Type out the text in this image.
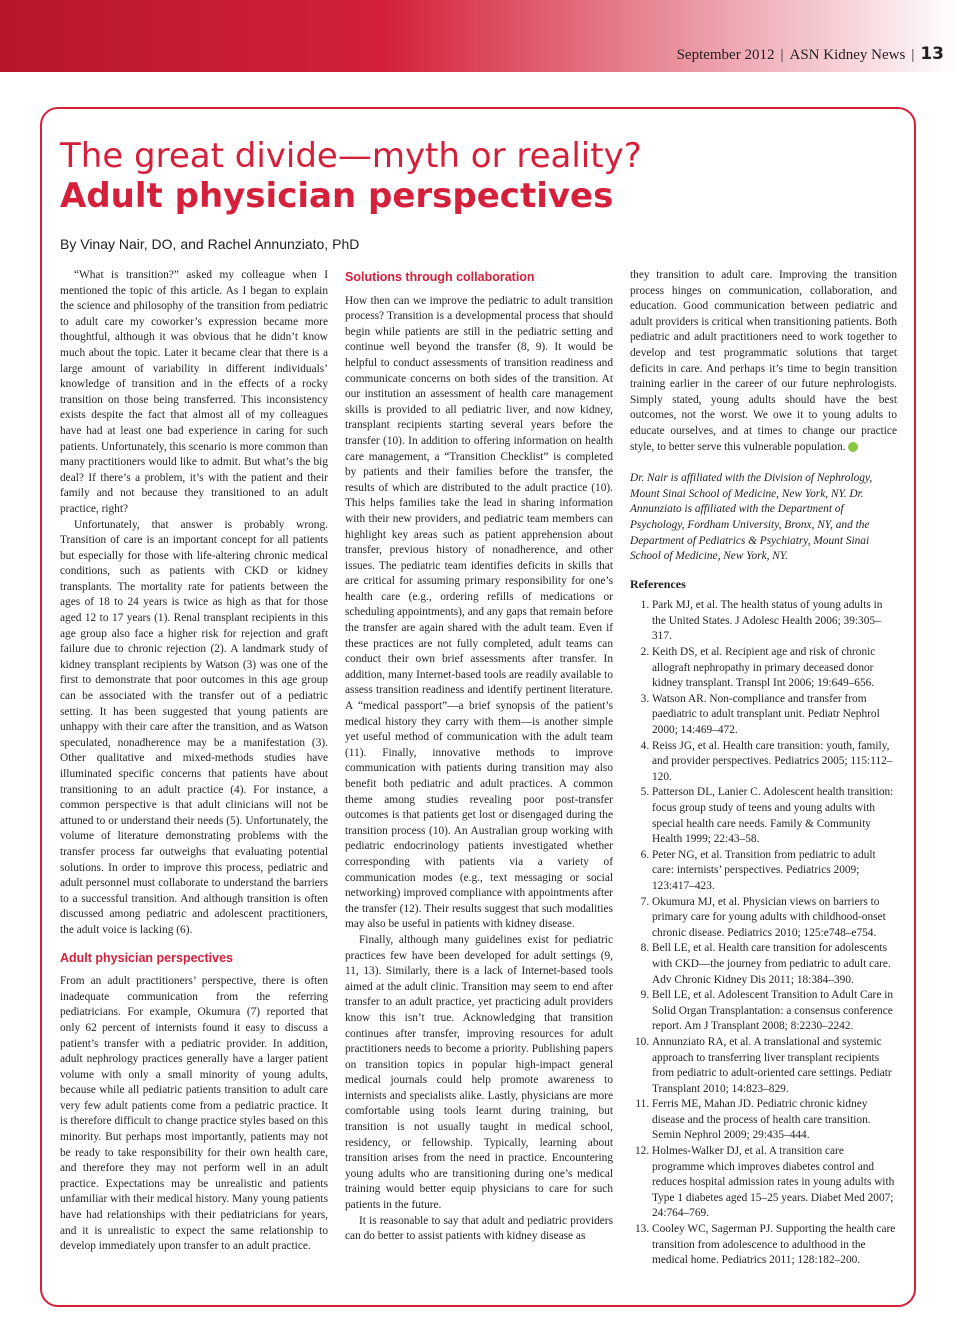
September 2012 | ASN Kidney News | 13
The great divide—myth or reality?
Adult physician perspectives
By Vinay Nair, DO, and Rachel Annunziato, PhD

“What is transition?” asked my colleague when I mentioned the topic of this article. As I began to explain the science and philosophy of the transition from pediatric to adult care my coworker’s expression became more thoughtful, although it was obvious that he didn’t know much about the topic. Later it became clear that there is a large amount of variability in different individuals’ knowledge of transition and in the effects of a rocky transition on those being transferred. This inconsistency exists despite the fact that almost all of my colleagues have had at least one bad experience in caring for such patients. Unfortunately, this scenario is more common than many practitioners would like to admit. But what’s the big deal? If there’s a problem, it’s with the patient and their family and not because they transitioned to an adult practice, right?

Unfortunately, that answer is probably wrong. Transition of care is an important concept for all patients but especially for those with life-altering chronic medical conditions, such as patients with CKD or kidney transplants. The mortality rate for patients between the ages of 18 to 24 years is twice as high as that for those aged 12 to 17 years (1). Renal transplant recipients in this age group also face a higher risk for rejection and graft failure due to chronic rejection (2). A landmark study of kidney transplant recipients by Watson (3) was one of the first to demonstrate that poor outcomes in this age group can be associated with the transfer out of a pediatric setting. It has been suggested that young patients are unhappy with their care after the transition, and as Watson speculated, nonadherence may be a manifestation (3). Other qualitative and mixed-methods studies have illuminated specific concerns that patients have about transitioning to an adult practice (4). For instance, a common perspective is that adult clinicians will not be attuned to or understand their needs (5). Unfortunately, the volume of literature demonstrating problems with the transfer process far outweighs that evaluating potential solutions. In order to improve this process, pediatric and adult personnel must collaborate to understand the barriers to a successful transition. And although transition is often discussed among pediatric and adolescent practitioners, the adult voice is lacking (6).

Adult physician perspectives

From an adult practitioners’ perspective, there is often inadequate communication from the referring pediatricians. For example, Okumura (7) reported that only 62 percent of internists found it easy to discuss a patient’s transfer with a pediatric provider. In addition, adult nephrology practices generally have a larger patient volume with only a small minority of young adults, because while all pediatric patients transition to adult care very few adult patients come from a pediatric practice. It is therefore difficult to change practice styles based on this minority. But perhaps most importantly, patients may not be ready to take responsibility for their own health care, and therefore they may not perform well in an adult practice. Expectations may be unrealistic and patients unfamiliar with their medical history. Many young patients have had relationships with their pediatricians for years, and it is unrealistic to expect the same relationship to develop immediately upon transfer to an adult practice.

Solutions through collaboration

How then can we improve the pediatric to adult transition process? Transition is a developmental process that should begin while patients are still in the pediatric setting and continue well beyond the transfer (8, 9). It would be helpful to conduct assessments of transition readiness and communicate concerns on both sides of the transition. At our institution an assessment of health care management skills is provided to all pediatric liver, and now kidney, transplant recipients starting several years before the transfer (10). In addition to offering information on health care management, a “Transition Checklist” is completed by patients and their families before the transfer, the results of which are distributed to the adult practice (10). This helps families take the lead in sharing information with their new providers, and pediatric team members can highlight key areas such as patient apprehension about transfer, previous history of nonadherence, and other issues. The pediatric team identifies deficits in skills that are critical for assuming primary responsibility for one’s health care (e.g., ordering refills of medications or scheduling appointments), and any gaps that remain before the transfer are again shared with the adult team. Even if these practices are not fully completed, adult teams can conduct their own brief assessments after transfer. In addition, many Internet-based tools are readily available to assess transition readiness and identify pertinent literature. A “medical passport”—a brief synopsis of the patient’s medical history they carry with them—is another simple yet useful method of communication with the adult team (11). Finally, innovative methods to improve communication with patients during transition may also benefit both pediatric and adult practices. A common theme among studies revealing poor post-transfer outcomes is that patients get lost or disengaged during the transition process (10). An Australian group working with pediatric endocrinology patients investigated whether corresponding with patients via a variety of communication modes (e.g., text messaging or social networking) improved compliance with appointments after the transfer (12). Their results suggest that such modalities may also be useful in patients with kidney disease.

Finally, although many guidelines exist for pediatric practices few have been developed for adult settings (9, 11, 13). Similarly, there is a lack of Internet-based tools aimed at the adult clinic. Transition may seem to end after transfer to an adult practice, yet practicing adult providers know this isn’t true. Acknowledging that transition continues after transfer, improving resources for adult practitioners needs to become a priority. Publishing papers on transition topics in popular high-impact general medical journals could help promote awareness to internists and specialists alike. Lastly, physicians are more comfortable using tools learnt during training, but transition is not usually taught in medical school, residency, or fellowship. Typically, learning about transition arises from the need in practice. Encountering young adults who are transitioning during one’s medical training would better equip physicians to care for such patients in the future.

It is reasonable to say that adult and pediatric providers can do better to assist patients with kidney disease as

they transition to adult care. Improving the transition process hinges on communication, collaboration, and education. Good communication between pediatric and adult providers is critical when transitioning patients. Both pediatric and adult practitioners need to work together to develop and test programmatic solutions that target deficits in care. And perhaps it’s time to begin transition training earlier in the career of our future nephrologists. Simply stated, young adults should have the best outcomes, not the worst. We owe it to young adults to educate ourselves, and at times to change our practice style, to better serve this vulnerable population.

Dr. Nair is affiliated with the Division of Nephrology, Mount Sinai School of Medicine, New York, NY. Dr. Annunziato is affiliated with the Department of Psychology, Fordham University, Bronx, NY, and the Department of Pediatrics & Psychiatry, Mount Sinai School of Medicine, New York, NY.

References
1. Park MJ, et al. The health status of young adults in the United States. J Adolesc Health 2006; 39:305–317.
2. Keith DS, et al. Recipient age and risk of chronic allograft nephropathy in primary deceased donor kidney transplant. Transpl Int 2006; 19:649–656.
3. Watson AR. Non-compliance and transfer from paediatric to adult transplant unit. Pediatr Nephrol 2000; 14:469–472.
4. Reiss JG, et al. Health care transition: youth, family, and provider perspectives. Pediatrics 2005; 115:112–120.
5. Patterson DL, Lanier C. Adolescent health transition: focus group study of teens and young adults with special health care needs. Family & Community Health 1999; 22:43–58.
6. Peter NG, et al. Transition from pediatric to adult care: internists’ perspectives. Pediatrics 2009; 123:417–423.
7. Okumura MJ, et al. Physician views on barriers to primary care for young adults with childhood-onset chronic disease. Pediatrics 2010; 125:e748–e754.
8. Bell LE, et al. Health care transition for adolescents with CKD—the journey from pediatric to adult care. Adv Chronic Kidney Dis 2011; 18:384–390.
9. Bell LE, et al. Adolescent Transition to Adult Care in Solid Organ Transplantation: a consensus conference report. Am J Transplant 2008; 8:2230–2242.
10. Annunziato RA, et al. A translational and systemic approach to transferring liver transplant recipients from pediatric to adult-oriented care settings. Pediatr Transplant 2010; 14:823–829.
11. Ferris ME, Mahan JD. Pediatric chronic kidney disease and the process of health care transition. Semin Nephrol 2009; 29:435–444.
12. Holmes-Walker DJ, et al. A transition care programme which improves diabetes control and reduces hospital admission rates in young adults with Type 1 diabetes aged 15–25 years. Diabet Med 2007; 24:764–769.
13. Cooley WC, Sagerman PJ. Supporting the health care transition from adolescence to adulthood in the medical home. Pediatrics 2011; 128:182–200.
